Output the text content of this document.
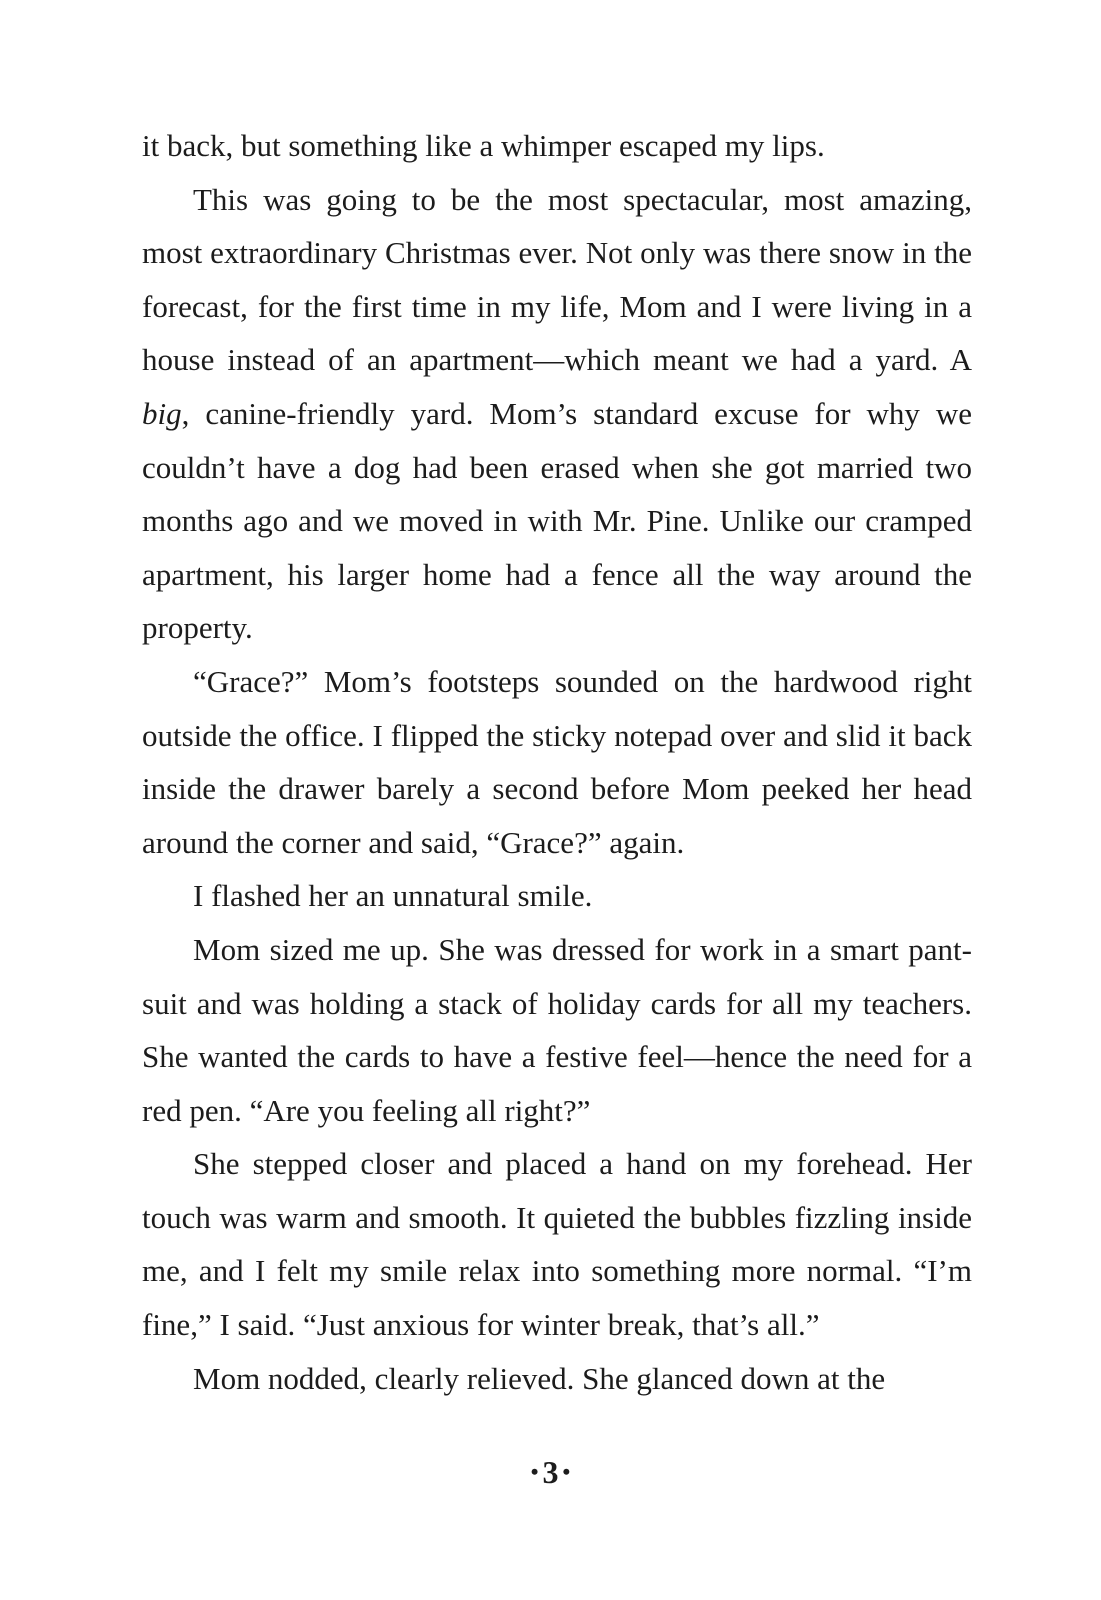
it back, but something like a whimper escaped my lips.

This was going to be the most spectacular, most amazing, most extraordinary Christmas ever. Not only was there snow in the forecast, for the first time in my life, Mom and I were living in a house instead of an apartment—which meant we had a yard. A big, canine-friendly yard. Mom’s standard excuse for why we couldn’t have a dog had been erased when she got married two months ago and we moved in with Mr. Pine. Unlike our cramped apartment, his larger home had a fence all the way around the property.

“Grace?” Mom’s footsteps sounded on the hardwood right outside the office. I flipped the sticky notepad over and slid it back inside the drawer barely a second before Mom peeked her head around the corner and said, “Grace?” again.

I flashed her an unnatural smile.

Mom sized me up. She was dressed for work in a smart pantsuit and was holding a stack of holiday cards for all my teachers. She wanted the cards to have a festive feel—hence the need for a red pen. “Are you feeling all right?”

She stepped closer and placed a hand on my forehead. Her touch was warm and smooth. It quieted the bubbles fizzling inside me, and I felt my smile relax into something more normal. “I’m fine,” I said. “Just anxious for winter break, that’s all.”

Mom nodded, clearly relieved. She glanced down at the

• 3 •
